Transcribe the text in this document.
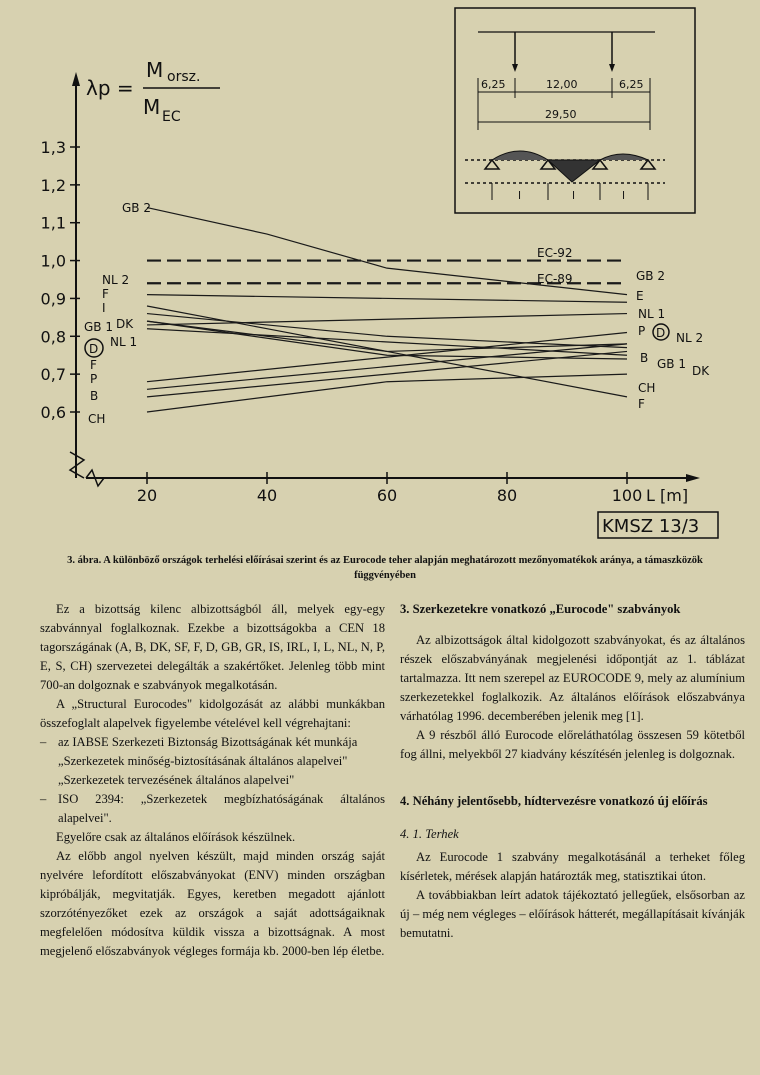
λp =
M orsz.
M EC
0,6
0,7
0,8
0,9
1,0
1,1
1,2
1,3
20	40	60	80	100 L [m]
GB 2
NL 2
F
I
GB 1 DK
NL 1
D
F
P
B
CH
EC-92
EC-89	GB 2
E
NL 1
P D NL 2
B GB 1 DK
CH
F
KMSZ 13/3
6,25	12,00	6,25
29,50
l	l	l
3. ábra. A különböző országok terhelési előírásai szerint és az Eurocode teher alapján meghatározott mezőnyomatékok aránya, a támaszközök függvényében

Ez a bizottság kilenc albizottságból áll, melyek egy-egy szabvánnyal foglalkoznak. Ezekbe a bizottságokba a CEN 18 tagországának (A, B, DK, SF, F, D, GB, GR, IS, IRL, I, L, NL, N, P, E, S, CH) szervezetei delegálták a szakértőket. Jelenleg több mint 700-an dolgoznak e szabványok megalkotásán.

A „Structural Eurocodes" kidolgozását az alábbi munkákban összefoglalt alapelvek figyelembe vételével kell végrehajtani:

– az IABSE Szerkezeti Biztonság Bizottságának két munkája

„Szerkezetek minőség-biztosításának általános alapelvei"

„Szerkezetek tervezésének általános alapelvei"

– ISO 2394: „Szerkezetek megbízhatóságának általános alapelvei".

Egyelőre csak az általános előírások készülnek.

Az előbb angol nyelven készült, majd minden ország saját nyelvére lefordított előszabványokat (ENV) minden országban kipróbálják, megvitatják. Egyes, keretben megadott ajánlott szorzótényezőket ezek az országok a saját adottságaiknak megfelelően módosítva küldik vissza a bizottságnak. A most megjelenő előszabványok végleges formája kb. 2000-ben lép életbe.

3. Szerkezetekre vonatkozó „Eurocode" szabványok

Az albizottságok által kidolgozott szabványokat, és az általános részek előszabványának megjelenési időpontját az 1. táblázat tartalmazza. Itt nem szerepel az EUROCODE 9, mely az alumínium szerkezetekkel foglalkozik. Az általános előírások előszabványa várhatólag 1996. decemberében jelenik meg [1].

A 9 részből álló Eurocode előreláthatólag összesen 59 kötetből fog állni, melyekből 27 kiadvány készítésén jelenleg is dolgoznak.

4. Néhány jelentősebb, hídtervezésre vonatkozó új előírás

4. 1. Terhek

Az Eurocode 1 szabvány megalkotásánál a terheket főleg kísérletek, mérések alapján határozták meg, statisztikai úton.

A továbbiakban leírt adatok tájékoztató jellegűek, elsősorban az új – még nem végleges – előírások hátterét, megállapításait kívánják bemutatni.
